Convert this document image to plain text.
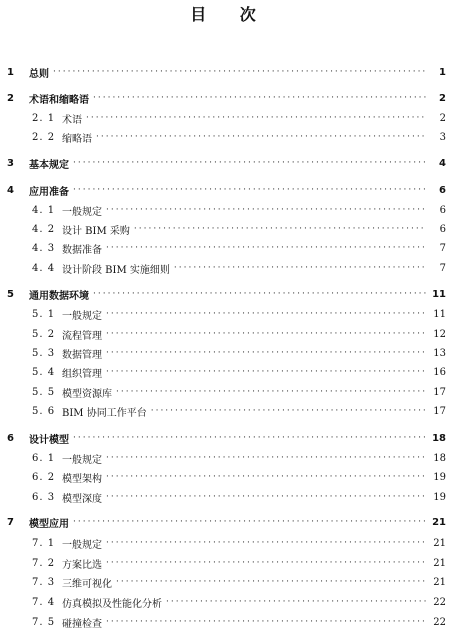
目 次
1	总则 ·····	1
2	术语和缩略语 ·····	2
2. 1 术语 ·····	2
2. 2 缩略语 ·····	3
3	基本规定 ·····	4
4	应用准备 ·····	6
4. 1 一般规定 ·····	6
4. 2 设计 BIM 采购 ·····	6
4. 3 数据准备 ·····	7
4. 4 设计阶段 BIM 实施细则 ·····	7
5	通用数据环境 ·····	11
5. 1 一般规定 ·····	11
5. 2 流程管理 ·····	12
5. 3 数据管理 ·····	13
5. 4 组织管理 ·····	16
5. 5 模型资源库 ·····	17
5. 6 BIM 协同工作平台 ·····	17
6	设计模型 ·····	18
6. 1 一般规定 ·····	18
6. 2 模型架构 ·····	19
6. 3 模型深度 ·····	19
7	模型应用 ·····	21
7. 1 一般规定 ·····	21
7. 2 方案比选 ·····	21
7. 3 三维可视化 ·····	21
7. 4 仿真模拟及性能化分析 ·····	22
7. 5 碰撞检查 ·····	22
